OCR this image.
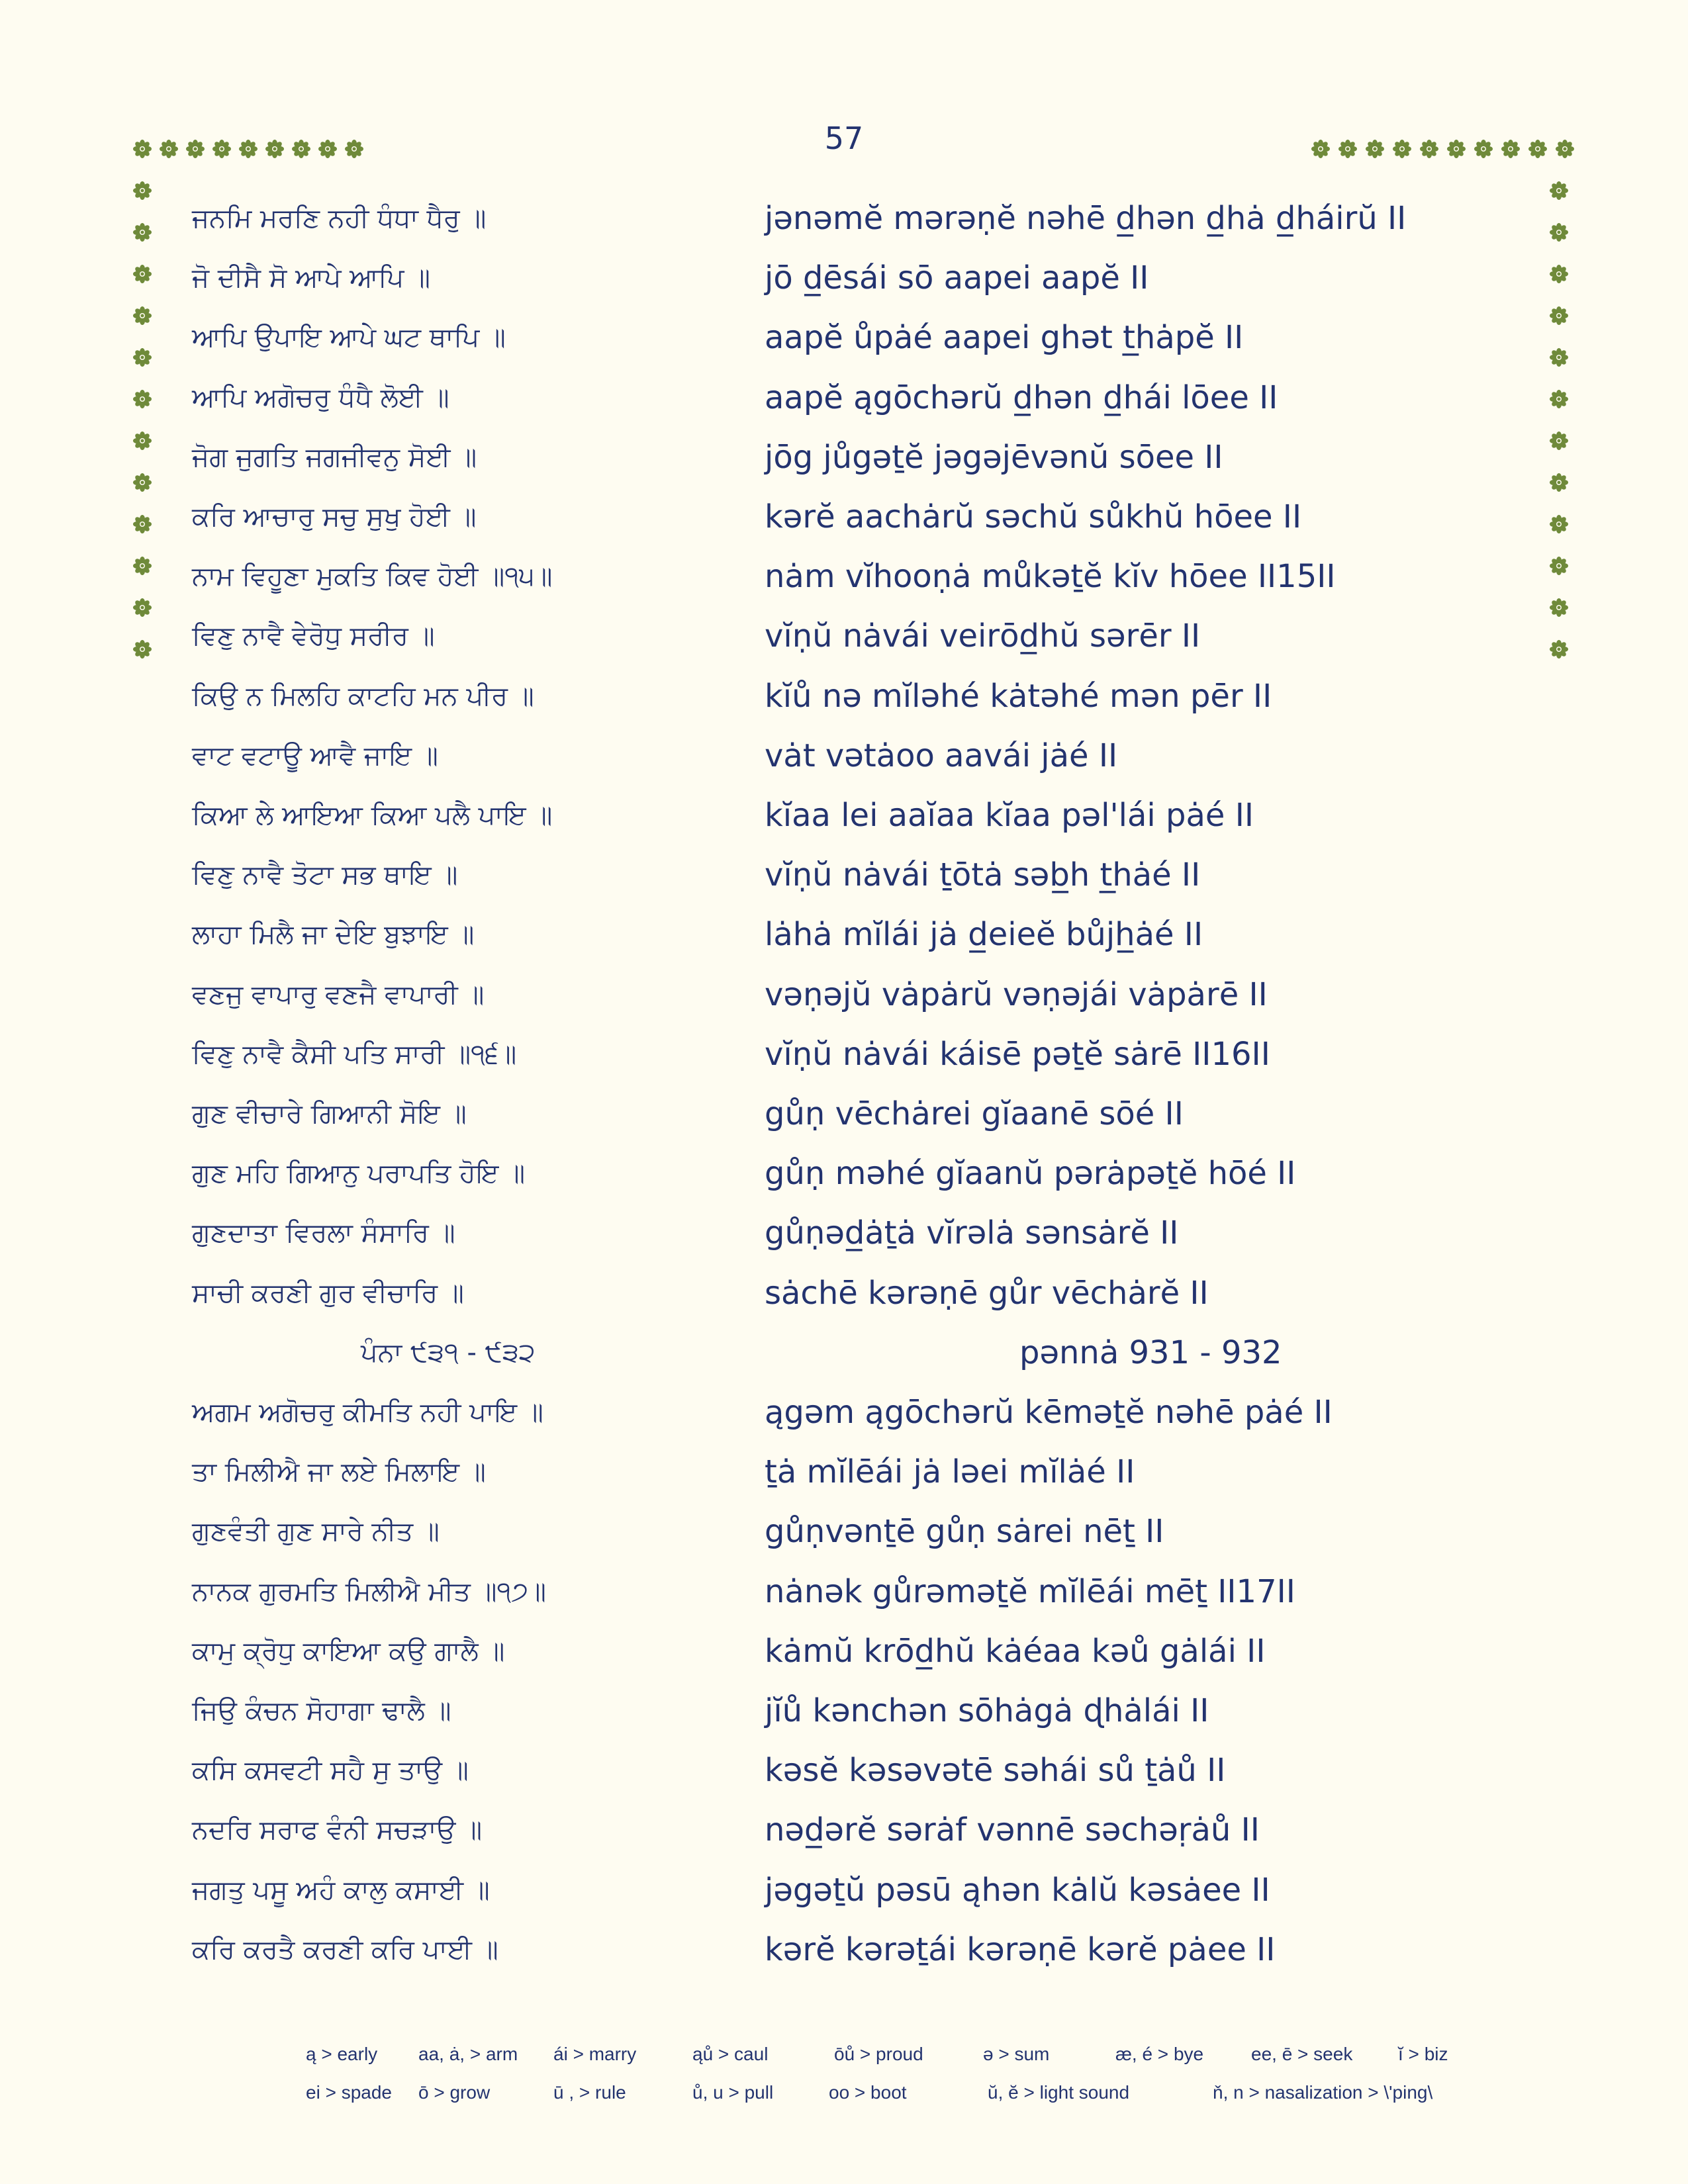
57
ਜਨਮਿ ਮਰਣਿ ਨਹੀ ਧੰਧਾ ਧੈਰੁ ॥	jənəmĕ mərəṇĕ nəhē d̲hən d̲hȧ d̲háirŭ II
ਜੋ ਦੀਸੈ ਸੋ ਆਪੇ ਆਪਿ ॥	jō d̲ēsái sō aapei aapĕ II
ਆਪਿ ਉਪਾਇ ਆਪੇ ਘਟ ਥਾਪਿ ॥	aapĕ ůpȧé aapei ghət t̲hȧpĕ II
ਆਪਿ ਅਗੋਚਰੁ ਧੰਧੈ ਲੋਈ ॥	aapĕ ągōchərŭ d̲hən d̲hái lōee II
ਜੋਗ ਜੁਗਤਿ ਜਗਜੀਵਨੁ ਸੋਈ ॥	jōg jůgəṯĕ jəgəjēvənŭ sōee II
ਕਰਿ ਆਚਾਰੁ ਸਚੁ ਸੁਖੁ ਹੋਈ ॥	kərĕ aachȧrŭ səchŭ sůkhŭ hōee II
ਨਾਮ ਵਿਹੂਣਾ ਮੁਕਤਿ ਕਿਵ ਹੋਈ ॥੧੫॥	nȧm vĭhooṇȧ můkəṯĕ kĭv hōee II15II
ਵਿਣੁ ਨਾਵੈ ਵੇਰੋਧੁ ਸਰੀਰ ॥	vĭṇŭ nȧvái veirōd̲hŭ sərēr II
ਕਿਉ ਨ ਮਿਲਹਿ ਕਾਟਹਿ ਮਨ ਪੀਰ ॥	kĭů nə mĭləhé kȧtəhé mən pēr II
ਵਾਟ ਵਟਾਊ ਆਵੈ ਜਾਇ ॥	vȧt vətȧoo aavái jȧé II
ਕਿਆ ਲੇ ਆਇਆ ਕਿਆ ਪਲੈ ਪਾਇ ॥	kĭaa lei aaĭaa kĭaa pəl'lái pȧé II
ਵਿਣੁ ਨਾਵੈ ਤੋਟਾ ਸਭ ਥਾਇ ॥	vĭṇŭ nȧvái ṯōtȧ səb̲h t̲hȧé II
ਲਾਹਾ ਮਿਲੈ ਜਾ ਦੇਇ ਬੁਝਾਇ ॥	lȧhȧ mĭlái jȧ d̲eieĕ bůjh̲ȧé II
ਵਣਜੁ ਵਾਪਾਰੁ ਵਣਜੈ ਵਾਪਾਰੀ ॥	vəṇəjŭ vȧpȧrŭ vəṇəjái vȧpȧrē II
ਵਿਣੁ ਨਾਵੈ ਕੈਸੀ ਪਤਿ ਸਾਰੀ ॥੧੬॥	vĭṇŭ nȧvái káisē pəṯĕ sȧrē II16II
ਗੁਣ ਵੀਚਾਰੇ ਗਿਆਨੀ ਸੋਇ ॥	gůṇ vēchȧrei gĭaanē sōé II
ਗੁਣ ਮਹਿ ਗਿਆਨੁ ਪਰਾਪਤਿ ਹੋਇ ॥	gůṇ məhé gĭaanŭ pərȧpəṯĕ hōé II
ਗੁਣਦਾਤਾ ਵਿਰਲਾ ਸੰਸਾਰਿ ॥	gůṇəd̲ȧṯȧ vĭrəlȧ sənsȧrĕ II
ਸਾਚੀ ਕਰਣੀ ਗੁਰ ਵੀਚਾਰਿ ॥	sȧchē kərəṇē gůr vēchȧrĕ II
ਪੰਨਾ ੯੩੧ - ੯੩੨	pənnȧ 931 - 932
ਅਗਮ ਅਗੋਚਰੁ ਕੀਮਤਿ ਨਹੀ ਪਾਇ ॥	ągəm ągōchərŭ kēməṯĕ nəhē pȧé II
ਤਾ ਮਿਲੀਐ ਜਾ ਲਏ ਮਿਲਾਇ ॥	ṯȧ mĭlēái jȧ ləei mĭlȧé II
ਗੁਣਵੰਤੀ ਗੁਣ ਸਾਰੇ ਨੀਤ ॥	gůṇvənṯē gůṇ sȧrei nēṯ II
ਨਾਨਕ ਗੁਰਮਤਿ ਮਿਲੀਐ ਮੀਤ ॥੧੭॥	nȧnək gůrəməṯĕ mĭlēái mēṯ II17II
ਕਾਮੁ ਕ੍ਰੋਧੁ ਕਾਇਆ ਕਉ ਗਾਲੈ ॥	kȧmŭ krōd̲hŭ kȧéaa kəů gȧlái II
ਜਿਉ ਕੰਚਨ ਸੋਹਾਗਾ ਢਾਲੈ ॥	jĭů kənchən sōhȧgȧ ɖhȧlái II
ਕਸਿ ਕਸਵਟੀ ਸਹੈ ਸੁ ਤਾਉ ॥	kəsĕ kəsəvətē səhái sů ṯȧů II
ਨਦਰਿ ਸਰਾਫ ਵੰਨੀ ਸਚੜਾਉ ॥	nəd̲ərĕ sərȧf vənnē səchəṛȧů II
ਜਗਤੁ ਪਸੂ ਅਹੰ ਕਾਲੁ ਕਸਾਈ ॥	jəgəṯŭ pəsū ąhən kȧlŭ kəsȧee II
ਕਰਿ ਕਰਤੈ ਕਰਣੀ ਕਰਿ ਪਾਈ ॥	kərĕ kərəṯái kərəṇē kərĕ pȧee II
ą > early aa, ȧ, > arm ái > marry	ąů > caul	ōů > proud	ə > sum	æ, é > bye	ee, ē > seek ĭ > biz
ei > spade ō > grow	ū , > rule	ů, u > pull	oo > boot	ŭ, ĕ > light sound	ň, n > nasalization > \'ping\
